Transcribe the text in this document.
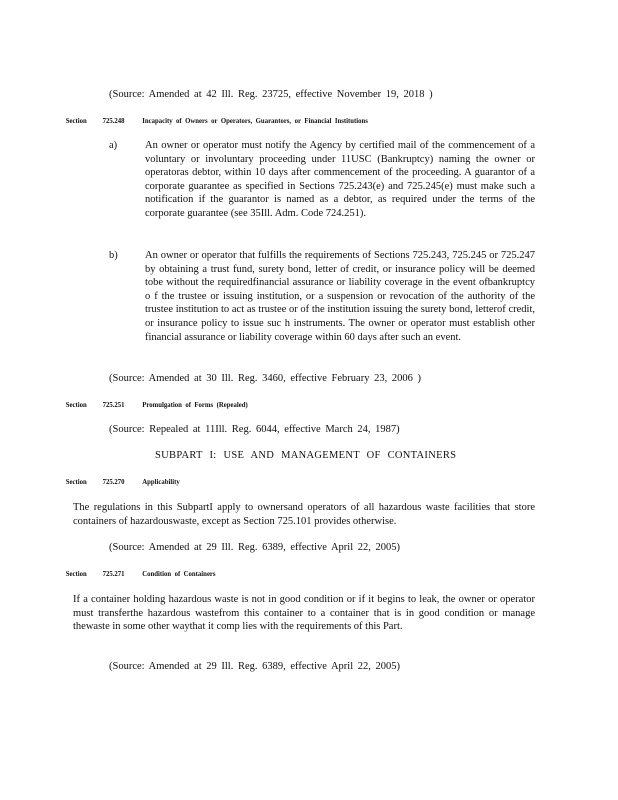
(Source: Amended at 42 Ill. Reg. 23725, effective November 19, 2018 )
Section 725.248 Incapacity of Owners or Operators, Guarantors, or Financial Institutions
a)	An owner or operator must notify the Agency by certified mail of the commencement of a voluntary or involuntary proceeding under 11USC (Bankruptcy) naming the owner or operatoras debtor, within 10 days after commencement of the proceeding. A guarantor of a corporate guarantee as specified in Sections 725.243(e) and 725.245(e) must make such a notification if the guarantor is named as a debtor, as required under the terms of the corporate guarantee (see 35Ill. Adm. Code 724.251).
b)	An owner or operator that fulfills the requirements of Sections 725.243, 725.245 or 725.247 by obtaining a trust fund, surety bond, letter of credit, or insurance policy will be deemed tobe without the requiredfinancial assurance or liability coverage in the event ofbankruptcy o f the trustee or issuing institution, or a suspension or revocation of the authority of the trustee institution to act as trustee or of the institution issuing the surety bond, letterof credit, or insurance policy to issue suc h instruments. The owner or operator must establish other financial assurance or liability coverage within 60 days after such an event.
(Source: Amended at 30 Ill. Reg. 3460, effective February 23, 2006 )
Section 725.251 Promulgation of Forms (Repealed)
(Source: Repealed at 11Ill. Reg. 6044, effective March 24, 1987)
SUBPART I: USE AND MANAGEMENT OF CONTAINERS
Section 725.270 Applicability
The regulations in this SubpartI apply to ownersand operators of all hazardous waste facilities that store containers of hazardouswaste, except as Section 725.101 provides otherwise.
(Source: Amended at 29 Ill. Reg. 6389, effective April 22, 2005)
Section 725.271 Condition of Containers
If a container holding hazardous waste is not in good condition or if it begins to leak, the owner or operator must transferthe hazardous wastefrom this container to a container that is in good condition or manage thewaste in some other waythat it comp lies with the requirements of this Part.
(Source: Amended at 29 Ill. Reg. 6389, effective April 22, 2005)
